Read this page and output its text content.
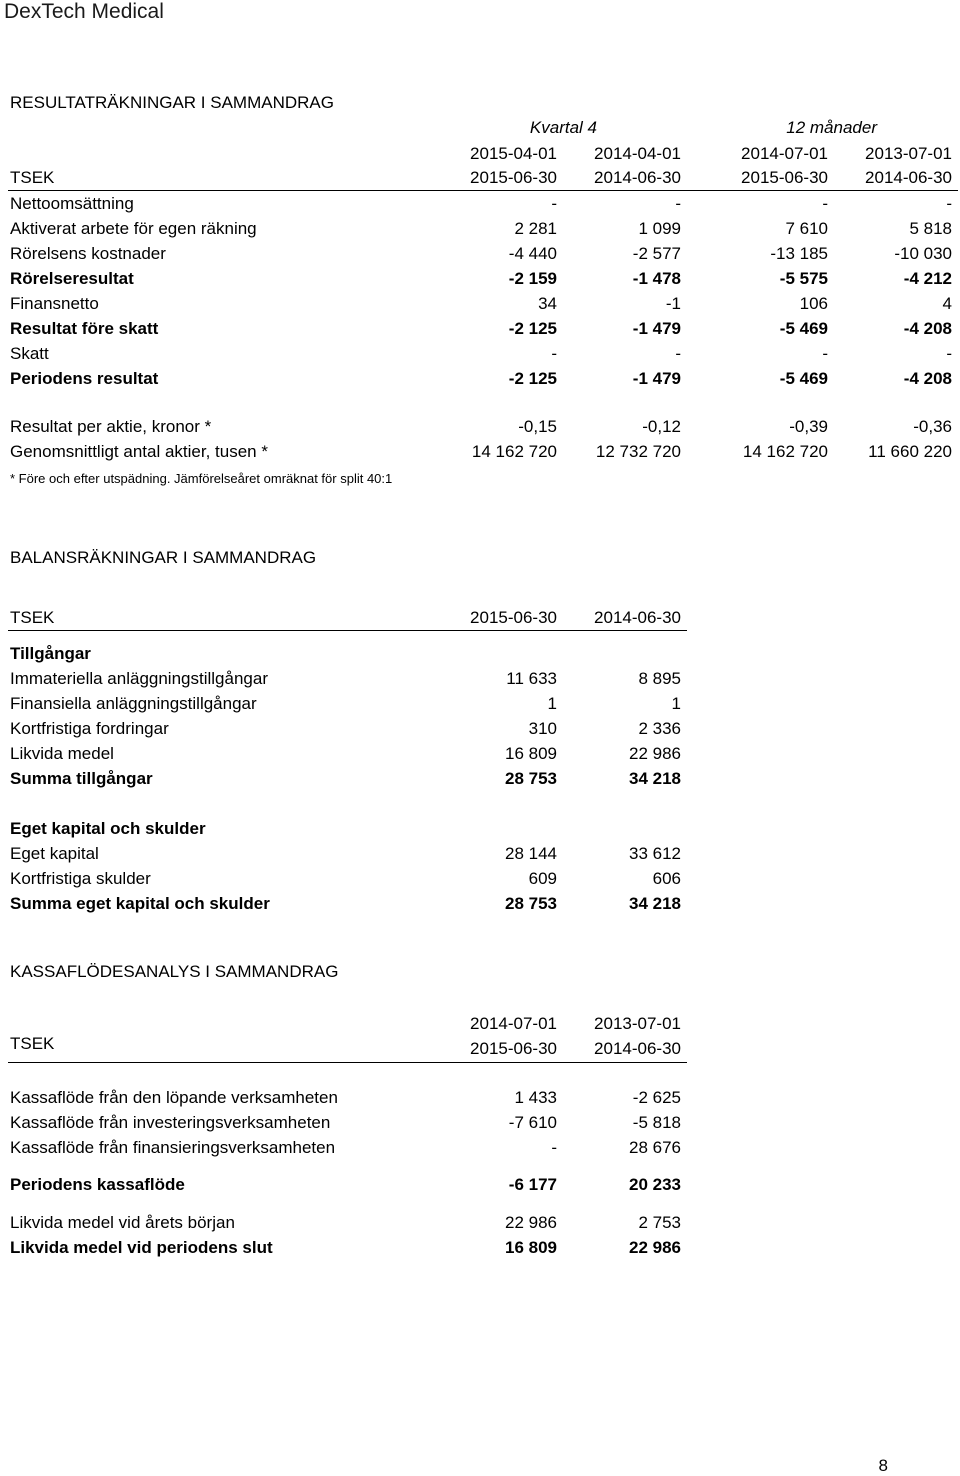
DexTech Medical
RESULTATRÄKNINGAR I SAMMANDRAG
Kvartal 4	12 månader
2015-04-01	2014-04-01	2014-07-01	2013-07-01
TSEK	2015-06-30	2014-06-30	2015-06-30	2014-06-30
Nettoomsättning	-	-	-	-
Aktiverat arbete för egen räkning	2 281	1 099	7 610	5 818
Rörelsens kostnader	-4 440	-2 577	-13 185	-10 030
Rörelseresultat	-2 159	-1 478	-5 575	-4 212
Finansnetto	34	-1	106	4
Resultat före skatt	-2 125	-1 479	-5 469	-4 208
Skatt	-	-	-	-
Periodens resultat	-2 125	-1 479	-5 469	-4 208
Resultat per aktie, kronor *	-0,15	-0,12	-0,39	-0,36
Genomsnittligt antal aktier, tusen *	14 162 720	12 732 720	14 162 720	11 660 220
* Före och efter utspädning. Jämförelseåret omräknat för split 40:1
BALANSRÄKNINGAR I SAMMANDRAG
TSEK	2015-06-30	2014-06-30
Tillgångar
Immateriella anläggningstillgångar	11 633	8 895
Finansiella anläggningstillgångar	1	1
Kortfristiga fordringar	310	2 336
Likvida medel	16 809	22 986
Summa tillgångar	28 753	34 218
Eget kapital och skulder
Eget kapital	28 144	33 612
Kortfristiga skulder	609	606
Summa eget kapital och skulder	28 753	34 218
KASSAFLÖDESANALYS I SAMMANDRAG
2014-07-01	2013-07-01
TSEK	2015-06-30	2014-06-30
Kassaflöde från den löpande verksamheten	1 433	-2 625
Kassaflöde från investeringsverksamheten	-7 610	-5 818
Kassaflöde från finansieringsverksamheten	-	28 676
Periodens kassaflöde	-6 177	20 233
Likvida medel vid årets början	22 986	2 753
Likvida medel vid periodens slut	16 809	22 986
8
